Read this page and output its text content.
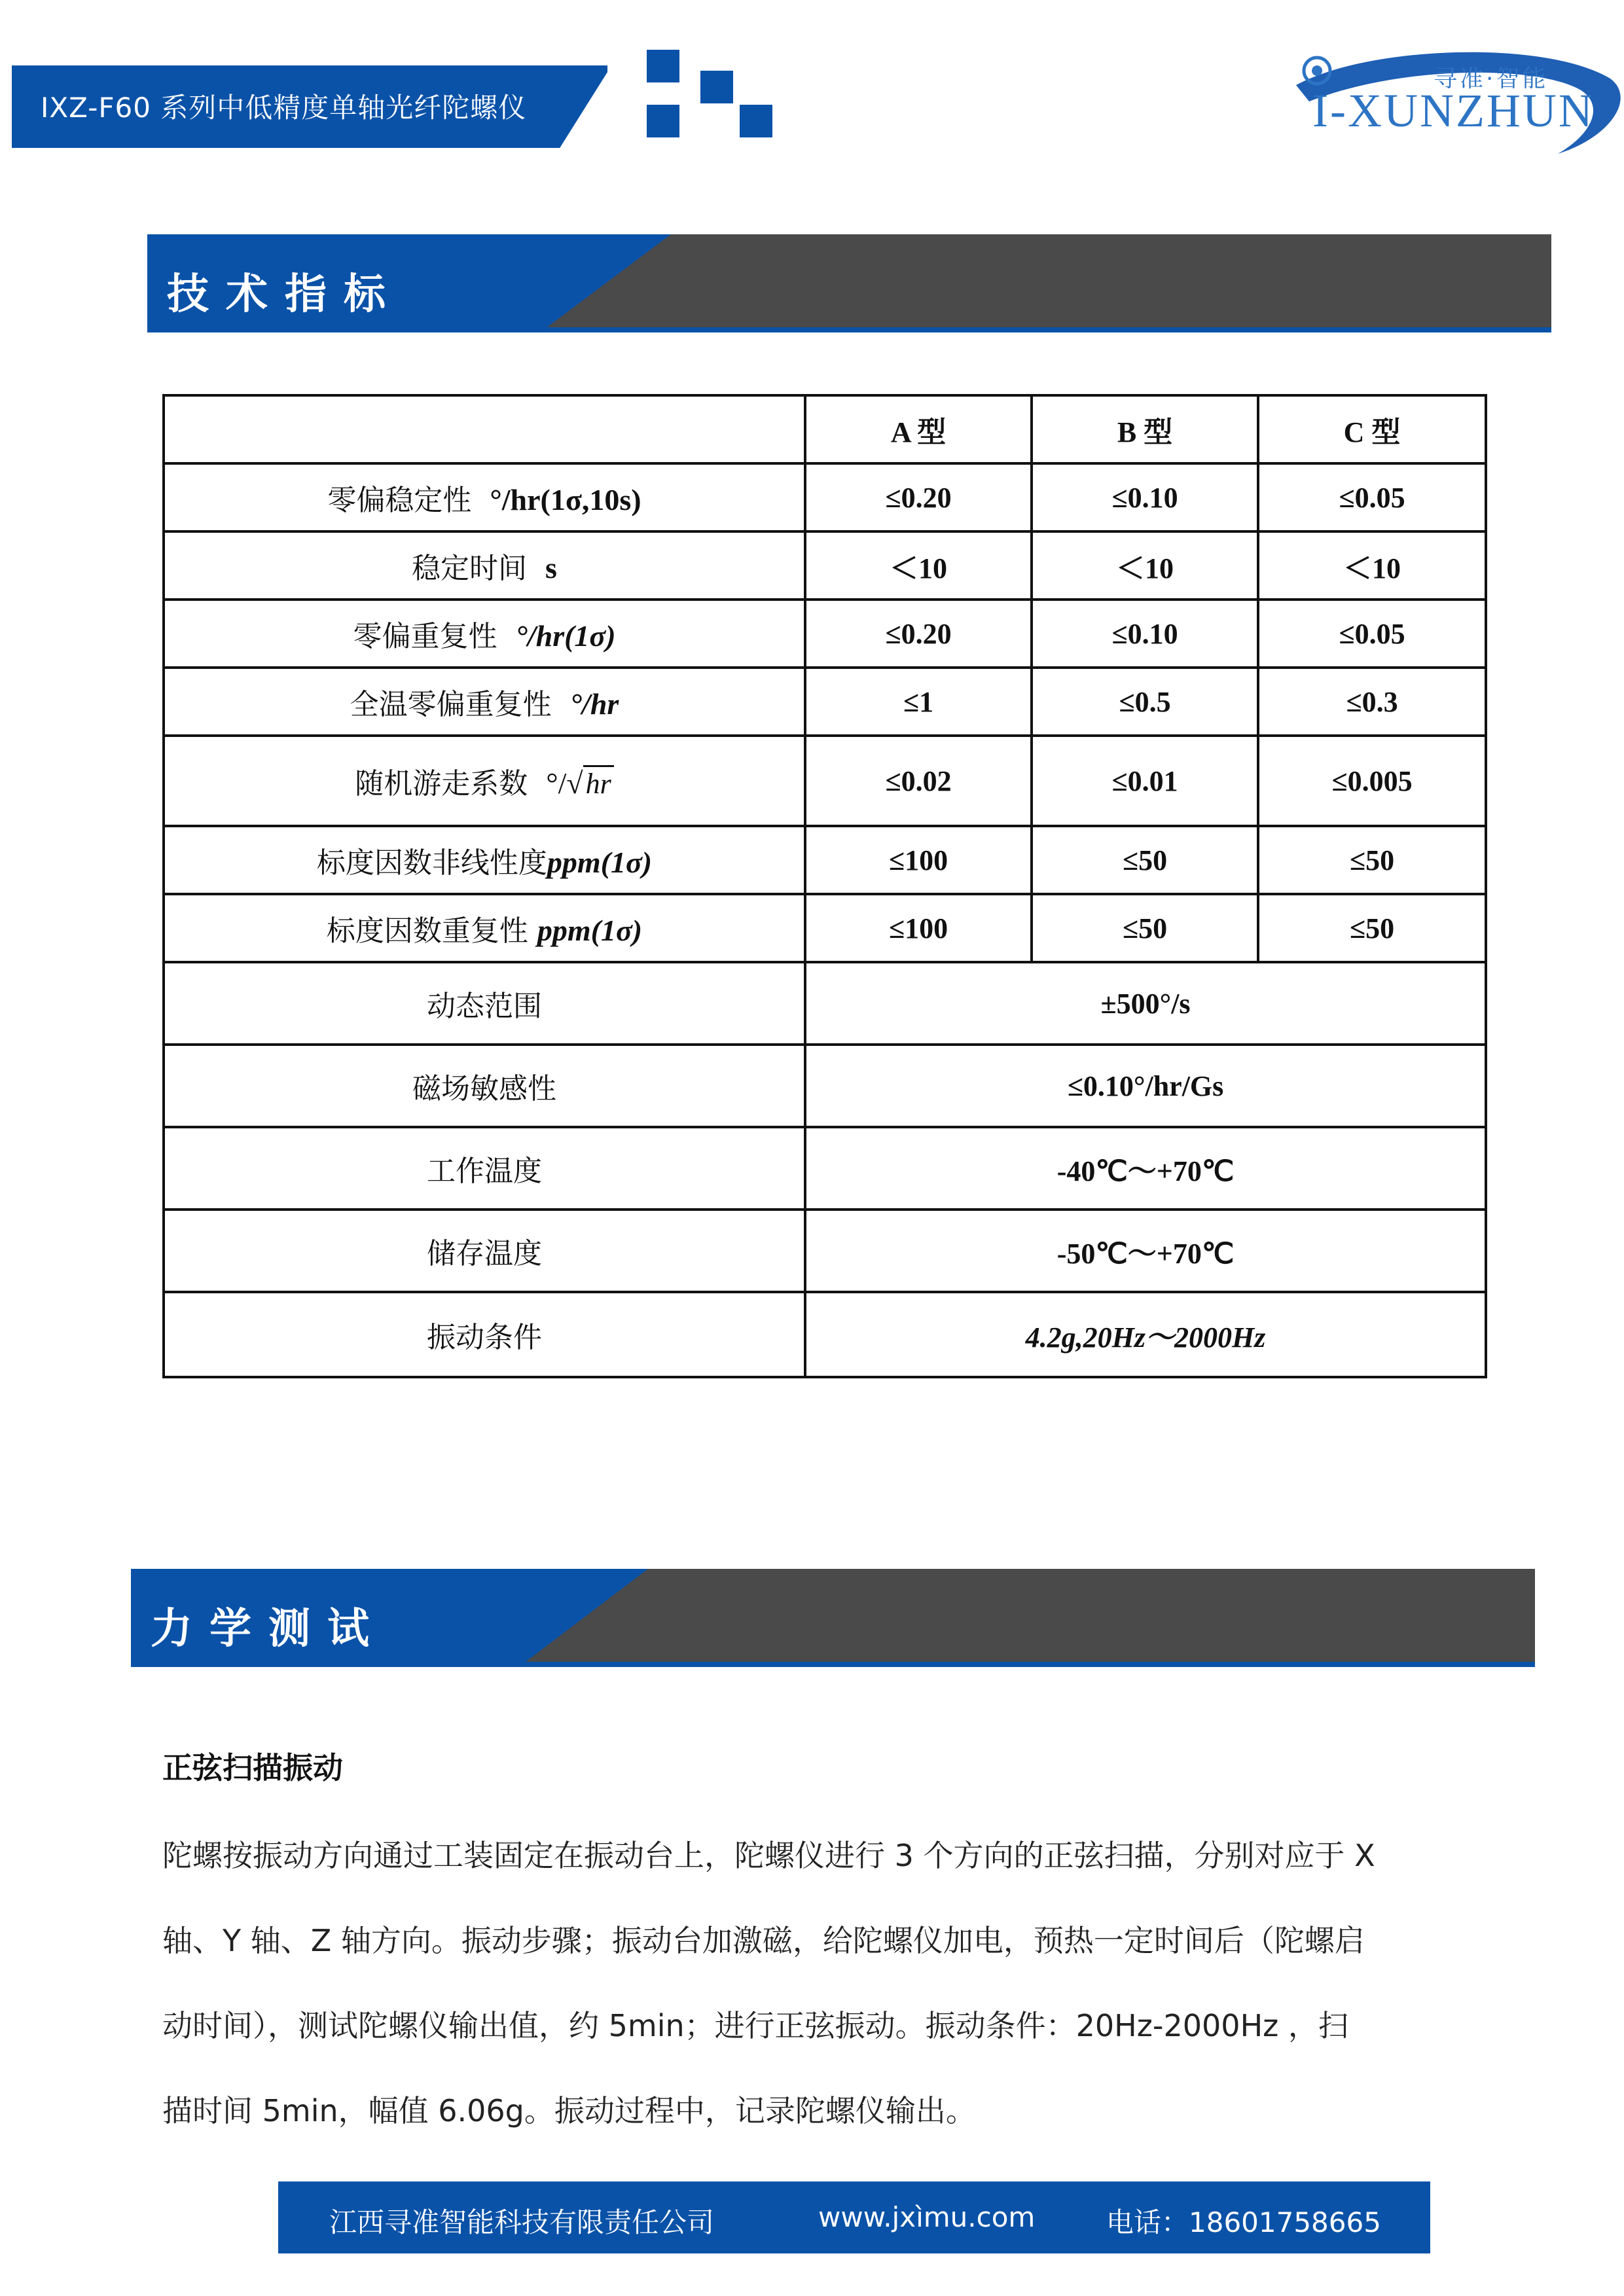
IXZ-F60 系列中低精度单轴光纤陀螺仪
寻准·智能
I-XUNZHUN
技术指标
	A 型	B 型	C 型
零偏稳定性 °/hr(1σ,10s)	≤0.20	≤0.10	≤0.05
稳定时间 s	＜10	＜10	＜10
零偏重复性 °/hr(1σ)	≤0.20	≤0.10	≤0.05
全温零偏重复性 °/hr	≤1	≤0.5	≤0.3
随机游走系数 °/√hr	≤0.02	≤0.01	≤0.005
标度因数非线性度ppm(1σ)	≤100	≤50	≤50
标度因数重复性 ppm(1σ)	≤100	≤50	≤50
动态范围	±500°/s		
磁场敏感性	≤0.10°/hr/Gs		
工作温度	-40℃～+70℃		
储存温度	-50℃～+70℃		
振动条件	4.2g,20Hz～2000Hz		
力学测试
正弦扫描振动
陀螺按振动方向通过工装固定在振动台上，陀螺仪进行 3 个方向的正弦扫描，分别对应于 X
轴、Y 轴、Z 轴方向。振动步骤；振动台加激磁，给陀螺仪加电，预热一定时间后（陀螺启
动时间），测试陀螺仪输出值，约 5min；进行正弦振动。振动条件：20Hz-2000Hz ，扫
描时间 5min，幅值 6.06g。振动过程中，记录陀螺仪输出。
江西寻准智能科技有限责任公司	www.jxìmu.com	电话：18601758665
